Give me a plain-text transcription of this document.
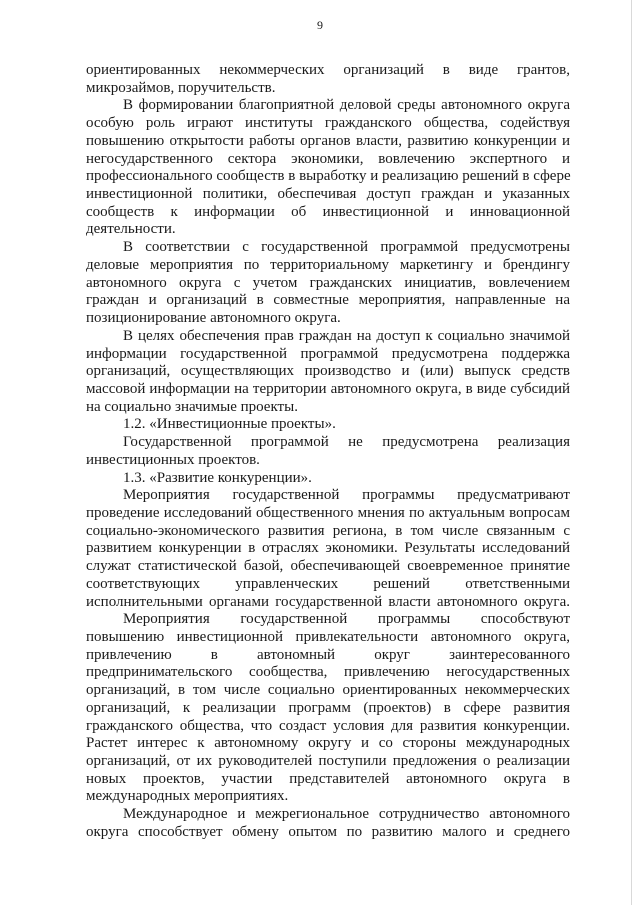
9
ориентированных некоммерческих организаций в виде грантов,
микрозаймов, поручительств.
В формировании благоприятной деловой среды автономного округа
особую роль играют институты гражданского общества, содействуя
повышению открытости работы органов власти, развитию конкуренции и
негосударственного сектора экономики, вовлечению экспертного и
профессионального сообществ в выработку и реализацию решений в сфере
инвестиционной политики, обеспечивая доступ граждан и указанных
сообществ к информации об инвестиционной и инновационной
деятельности.
В соответствии с государственной программой предусмотрены
деловые мероприятия по территориальному маркетингу и брендингу
автономного округа с учетом гражданских инициатив, вовлечением
граждан и организаций в совместные мероприятия, направленные на
позиционирование автономного округа.
В целях обеспечения прав граждан на доступ к социально значимой
информации государственной программой предусмотрена поддержка
организаций, осуществляющих производство и (или) выпуск средств
массовой информации на территории автономного округа, в виде субсидий
на социально значимые проекты.
1.2. «Инвестиционные проекты».
Государственной программой не предусмотрена реализация
инвестиционных проектов.
1.3. «Развитие конкуренции».
Мероприятия государственной программы предусматривают
проведение исследований общественного мнения по актуальным вопросам
социально-экономического развития региона, в том числе связанным с
развитием конкуренции в отраслях экономики. Результаты исследований
служат статистической базой, обеспечивающей своевременное принятие
соответствующих управленческих решений ответственными
исполнительными органами государственной власти автономного округа.
Мероприятия государственной программы способствуют
повышению инвестиционной привлекательности автономного округа,
привлечению в автономный округ заинтересованного
предпринимательского сообщества, привлечению негосударственных
организаций, в том числе социально ориентированных некоммерческих
организаций, к реализации программ (проектов) в сфере развития
гражданского общества, что создаст условия для развития конкуренции.
Растет интерес к автономному округу и со стороны международных
организаций, от их руководителей поступили предложения о реализации
новых проектов, участии представителей автономного округа в
международных мероприятиях.
Международное и межрегиональное сотрудничество автономного
округа способствует обмену опытом по развитию малого и среднего
